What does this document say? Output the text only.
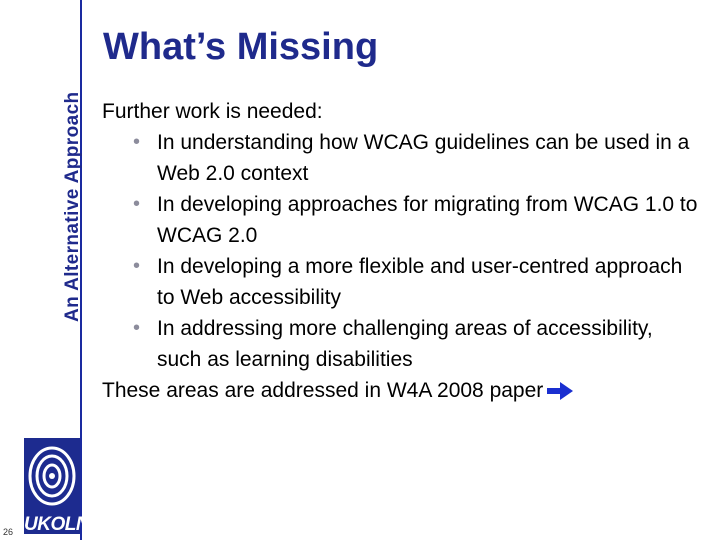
An Alternative Approach
UKOLN
26
What’s Missing

Further work is needed:

• In understanding how WCAG guidelines can be used in a Web 2.0 context
• In developing approaches for migrating from WCAG 1.0 to WCAG 2.0
• In developing a more flexible and user-centred approach to Web accessibility
• In addressing more challenging areas of accessibility, such as learning disabilities

These areas are addressed in W4A 2008 paper
